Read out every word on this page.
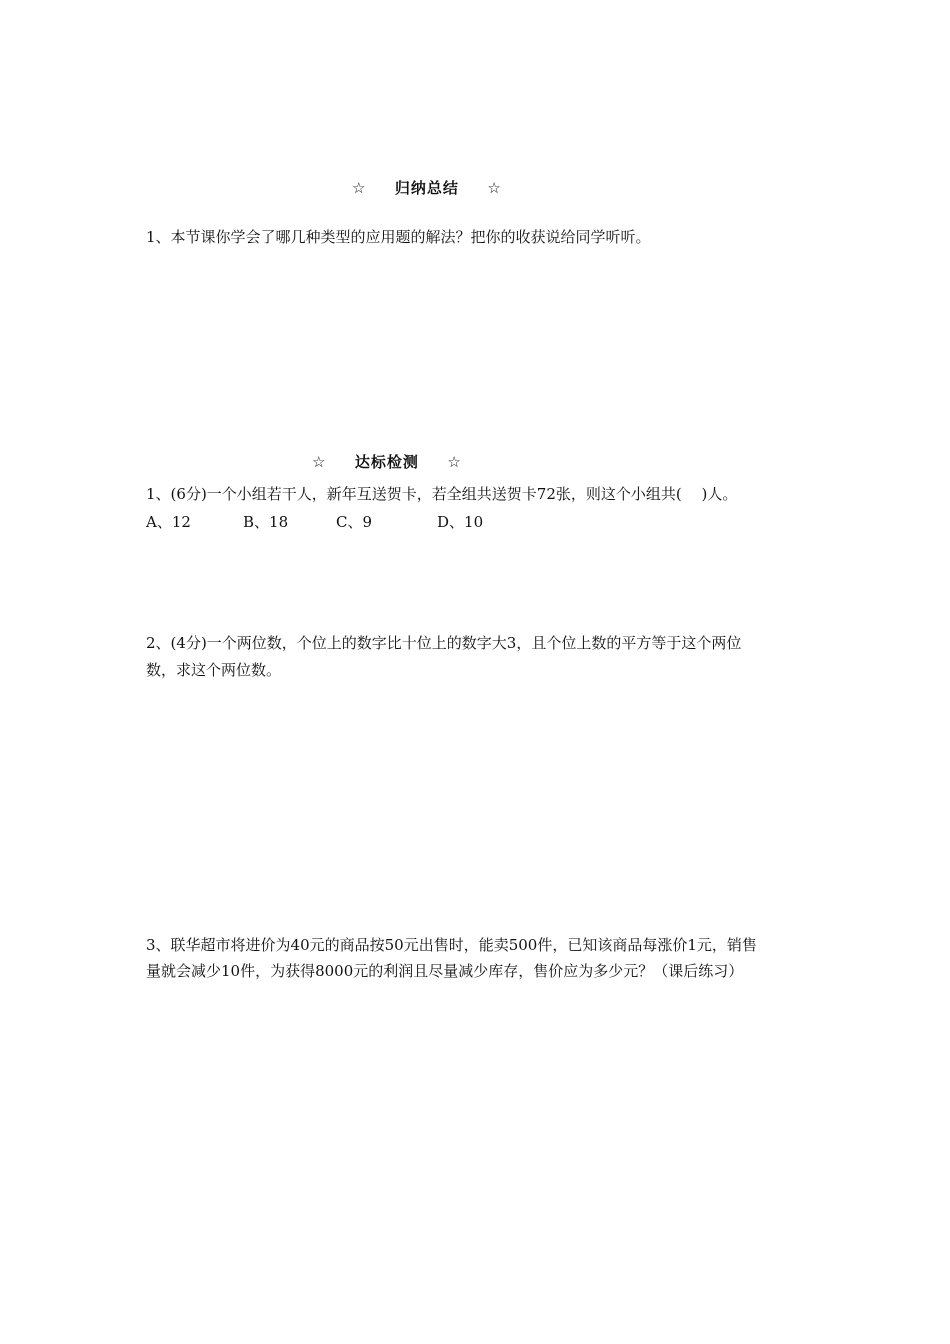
☆ 归纳总结 ☆
1、本节课你学会了哪几种类型的应用题的解法？把你的收获说给同学听听。
☆ 达标检测 ☆
1、(6分)一个小组若干人，新年互送贺卡，若全组共送贺卡72张，则这个小组共(　 )人。
A、12	B、18	C、9	D、10
2、(4分)一个两位数，个位上的数字比十位上的数字大3，且个位上数的平方等于这个两位
数，求这个两位数。
3、联华超市将进价为40元的商品按50元出售时，能卖500件，已知该商品每涨价1元，销售
量就会减少10件，为获得8000元的利润且尽量减少库存，售价应为多少元？（课后练习）
